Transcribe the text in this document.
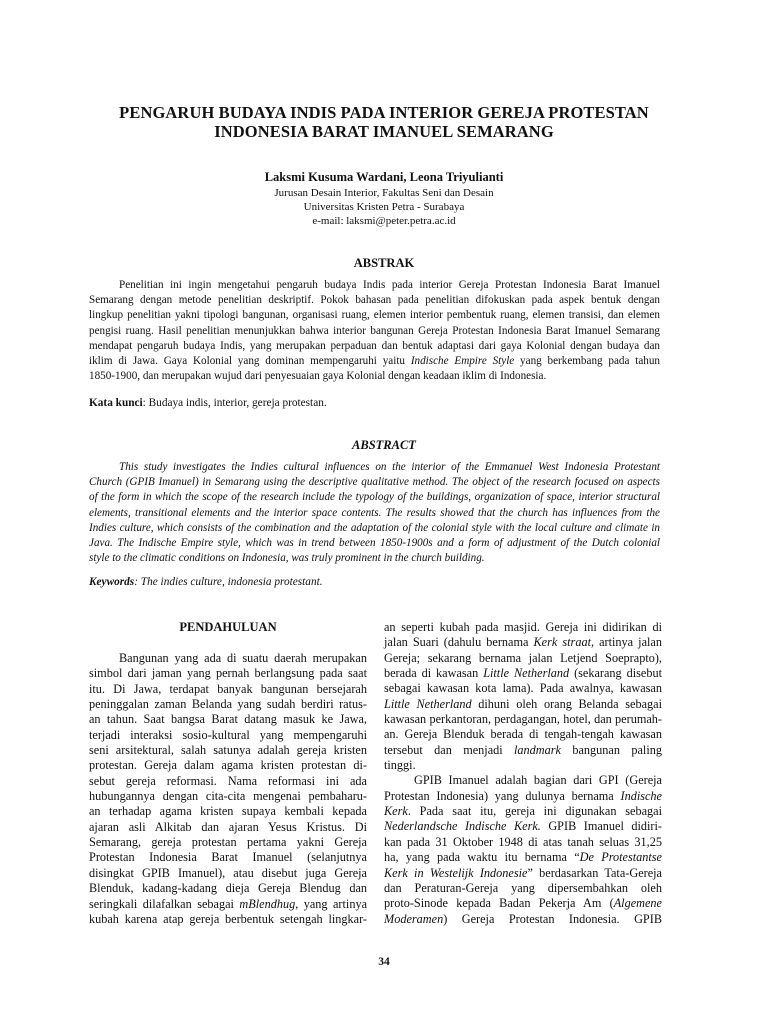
PENGARUH BUDAYA INDIS PADA INTERIOR GEREJA PROTESTAN
INDONESIA BARAT IMANUEL SEMARANG
Laksmi Kusuma Wardani, Leona Triyulianti
Jurusan Desain Interior, Fakultas Seni dan Desain
Universitas Kristen Petra - Surabaya
e-mail: laksmi@peter.petra.ac.id
ABSTRAK
Penelitian ini ingin mengetahui pengaruh budaya Indis pada interior Gereja Protestan Indonesia Barat Imanuel
Semarang dengan metode penelitian deskriptif. Pokok bahasan pada penelitian difokuskan pada aspek bentuk dengan
lingkup penelitian yakni tipologi bangunan, organisasi ruang, elemen interior pembentuk ruang, elemen transisi, dan elemen
pengisi ruang. Hasil penelitian menunjukkan bahwa interior bangunan Gereja Protestan Indonesia Barat Imanuel Semarang
mendapat pengaruh budaya Indis, yang merupakan perpaduan dan bentuk adaptasi dari gaya Kolonial dengan budaya dan
iklim di Jawa. Gaya Kolonial yang dominan mempengaruhi yaitu Indische Empire Style yang berkembang pada tahun
1850-1900, dan merupakan wujud dari penyesuaian gaya Kolonial dengan keadaan iklim di Indonesia.
Kata kunci: Budaya indis, interior, gereja protestan.
ABSTRACT
This study investigates the Indies cultural influences on the interior of the Emmanuel West Indonesia Protestant
Church (GPIB Imanuel) in Semarang using the descriptive qualitative method. The object of the research focused on aspects
of the form in which the scope of the research include the typology of the buildings, organization of space, interior structural
elements, transitional elements and the interior space contents. The results showed that the church has influences from the
Indies culture, which consists of the combination and the adaptation of the colonial style with the local culture and climate in
Java. The Indische Empire style, which was in trend between 1850-1900s and a form of adjustment of the Dutch colonial
style to the climatic conditions on Indonesia, was truly prominent in the church building.
Keywords: The indies culture, indonesia protestant.
PENDAHULUAN
Bangunan yang ada di suatu daerah merupakan
simbol dari jaman yang pernah berlangsung pada saat
itu. Di Jawa, terdapat banyak bangunan bersejarah
peninggalan zaman Belanda yang sudah berdiri ratus-
an tahun. Saat bangsa Barat datang masuk ke Jawa,
terjadi interaksi sosio-kultural yang mempengaruhi
seni arsitektural, salah satunya adalah gereja kristen
protestan. Gereja dalam agama kristen protestan di-
sebut gereja reformasi. Nama reformasi ini ada
hubungannya dengan cita-cita mengenai pembaharu-
an terhadap agama kristen supaya kembali kepada
ajaran asli Alkitab dan ajaran Yesus Kristus. Di
Semarang, gereja protestan pertama yakni Gereja
Protestan Indonesia Barat Imanuel (selanjutnya
disingkat GPIB Imanuel), atau disebut juga Gereja
Blenduk, kadang-kadang dieja Gereja Blendug dan
seringkali dilafalkan sebagai mBlendhug, yang artinya
kubah karena atap gereja berbentuk setengah lingkar-
an seperti kubah pada masjid. Gereja ini didirikan di
jalan Suari (dahulu bernama Kerk straat, artinya jalan
Gereja; sekarang bernama jalan Letjend Soeprapto),
berada di kawasan Little Netherland (sekarang disebut
sebagai kawasan kota lama). Pada awalnya, kawasan
Little Netherland dihuni oleh orang Belanda sebagai
kawasan perkantoran, perdagangan, hotel, dan perumah-
an. Gereja Blenduk berada di tengah-tengah kawasan
tersebut dan menjadi landmark bangunan paling
tinggi.
GPIB Imanuel adalah bagian dari GPI (Gereja
Protestan Indonesia) yang dulunya bernama Indische
Kerk. Pada saat itu, gereja ini digunakan sebagai
Nederlandsche Indische Kerk. GPIB Imanuel didiri-
kan pada 31 Oktober 1948 di atas tanah seluas 31,25
ha, yang pada waktu itu bernama “De Protestantse
Kerk in Westelijk Indonesie” berdasarkan Tata-Gereja
dan Peraturan-Gereja yang dipersembahkan oleh
proto-Sinode kepada Badan Pekerja Am (Algemene
Moderamen) Gereja Protestan Indonesia. GPIB
34
